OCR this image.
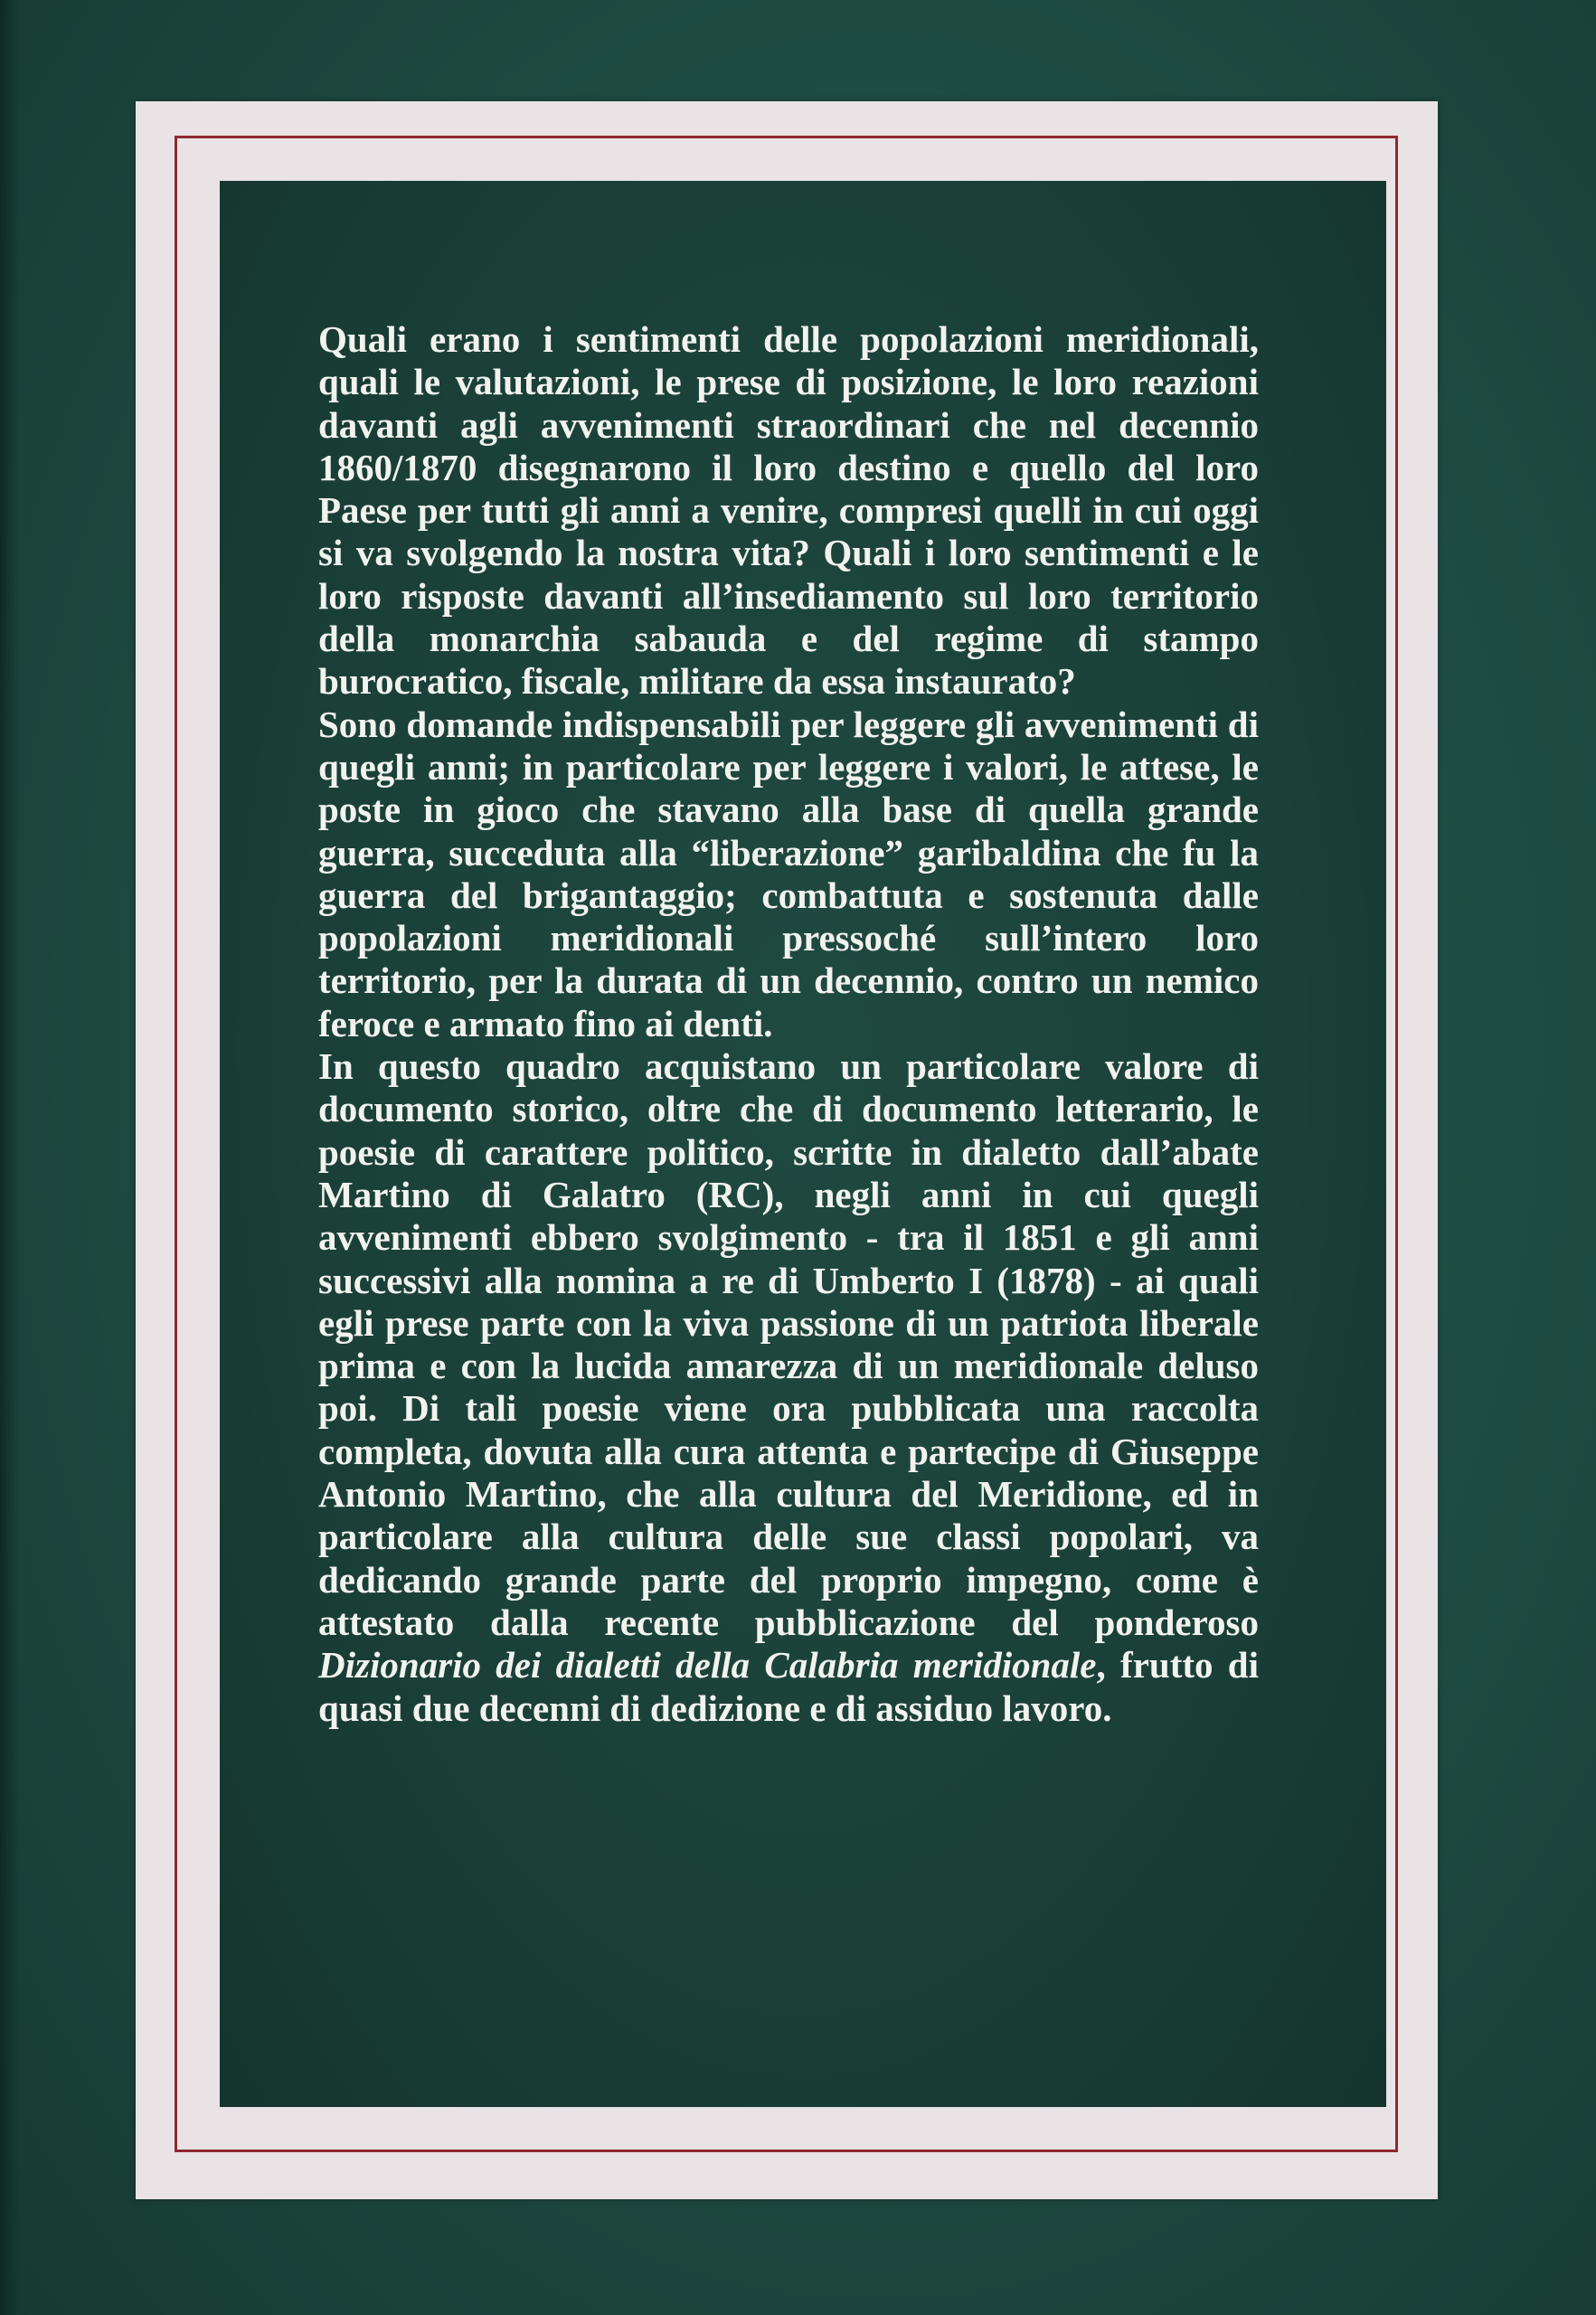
Quali erano i sentimenti delle popolazioni meridionali, quali le valutazioni, le prese di posizione, le loro reazioni davanti agli avvenimenti straordinari che nel decennio 1860/1870 disegnarono il loro destino e quello del loro Paese per tutti gli anni a venire, compresi quelli in cui oggi si va svolgendo la nostra vita? Quali i loro sentimenti e le loro risposte davanti all’insediamento sul loro territorio della monarchia sabauda e del regime di stampo burocratico, fiscale, militare da essa instaurato?

Sono domande indispensabili per leggere gli avvenimenti di quegli anni; in particolare per leggere i valori, le attese, le poste in gioco che stavano alla base di quella grande guerra, succeduta alla “liberazione” garibaldina che fu la guerra del brigantaggio; combattuta e sostenuta dalle popolazioni meridionali pressoché sull’intero loro territorio, per la durata di un decennio, contro un nemico feroce e armato fino ai denti.

In questo quadro acquistano un particolare valore di documento storico, oltre che di documento letterario, le poesie di carattere politico, scritte in dialetto dall’abate Martino di Galatro (RC), negli anni in cui quegli avvenimenti ebbero svolgimento - tra il 1851 e gli anni successivi alla nomina a re di Umberto I (1878) - ai quali egli prese parte con la viva passione di un patriota liberale prima e con la lucida amarezza di un meridionale deluso poi. Di tali poesie viene ora pubblicata una raccolta completa, dovuta alla cura attenta e partecipe di Giuseppe Antonio Martino, che alla cultura del Meridione, ed in particolare alla cultura delle sue classi popolari, va dedicando grande parte del proprio impegno, come è attestato dalla recente pubblicazione del ponderoso Dizionario dei dialetti della Calabria meridionale, frutto di quasi due decenni di dedizione e di assiduo lavoro.
